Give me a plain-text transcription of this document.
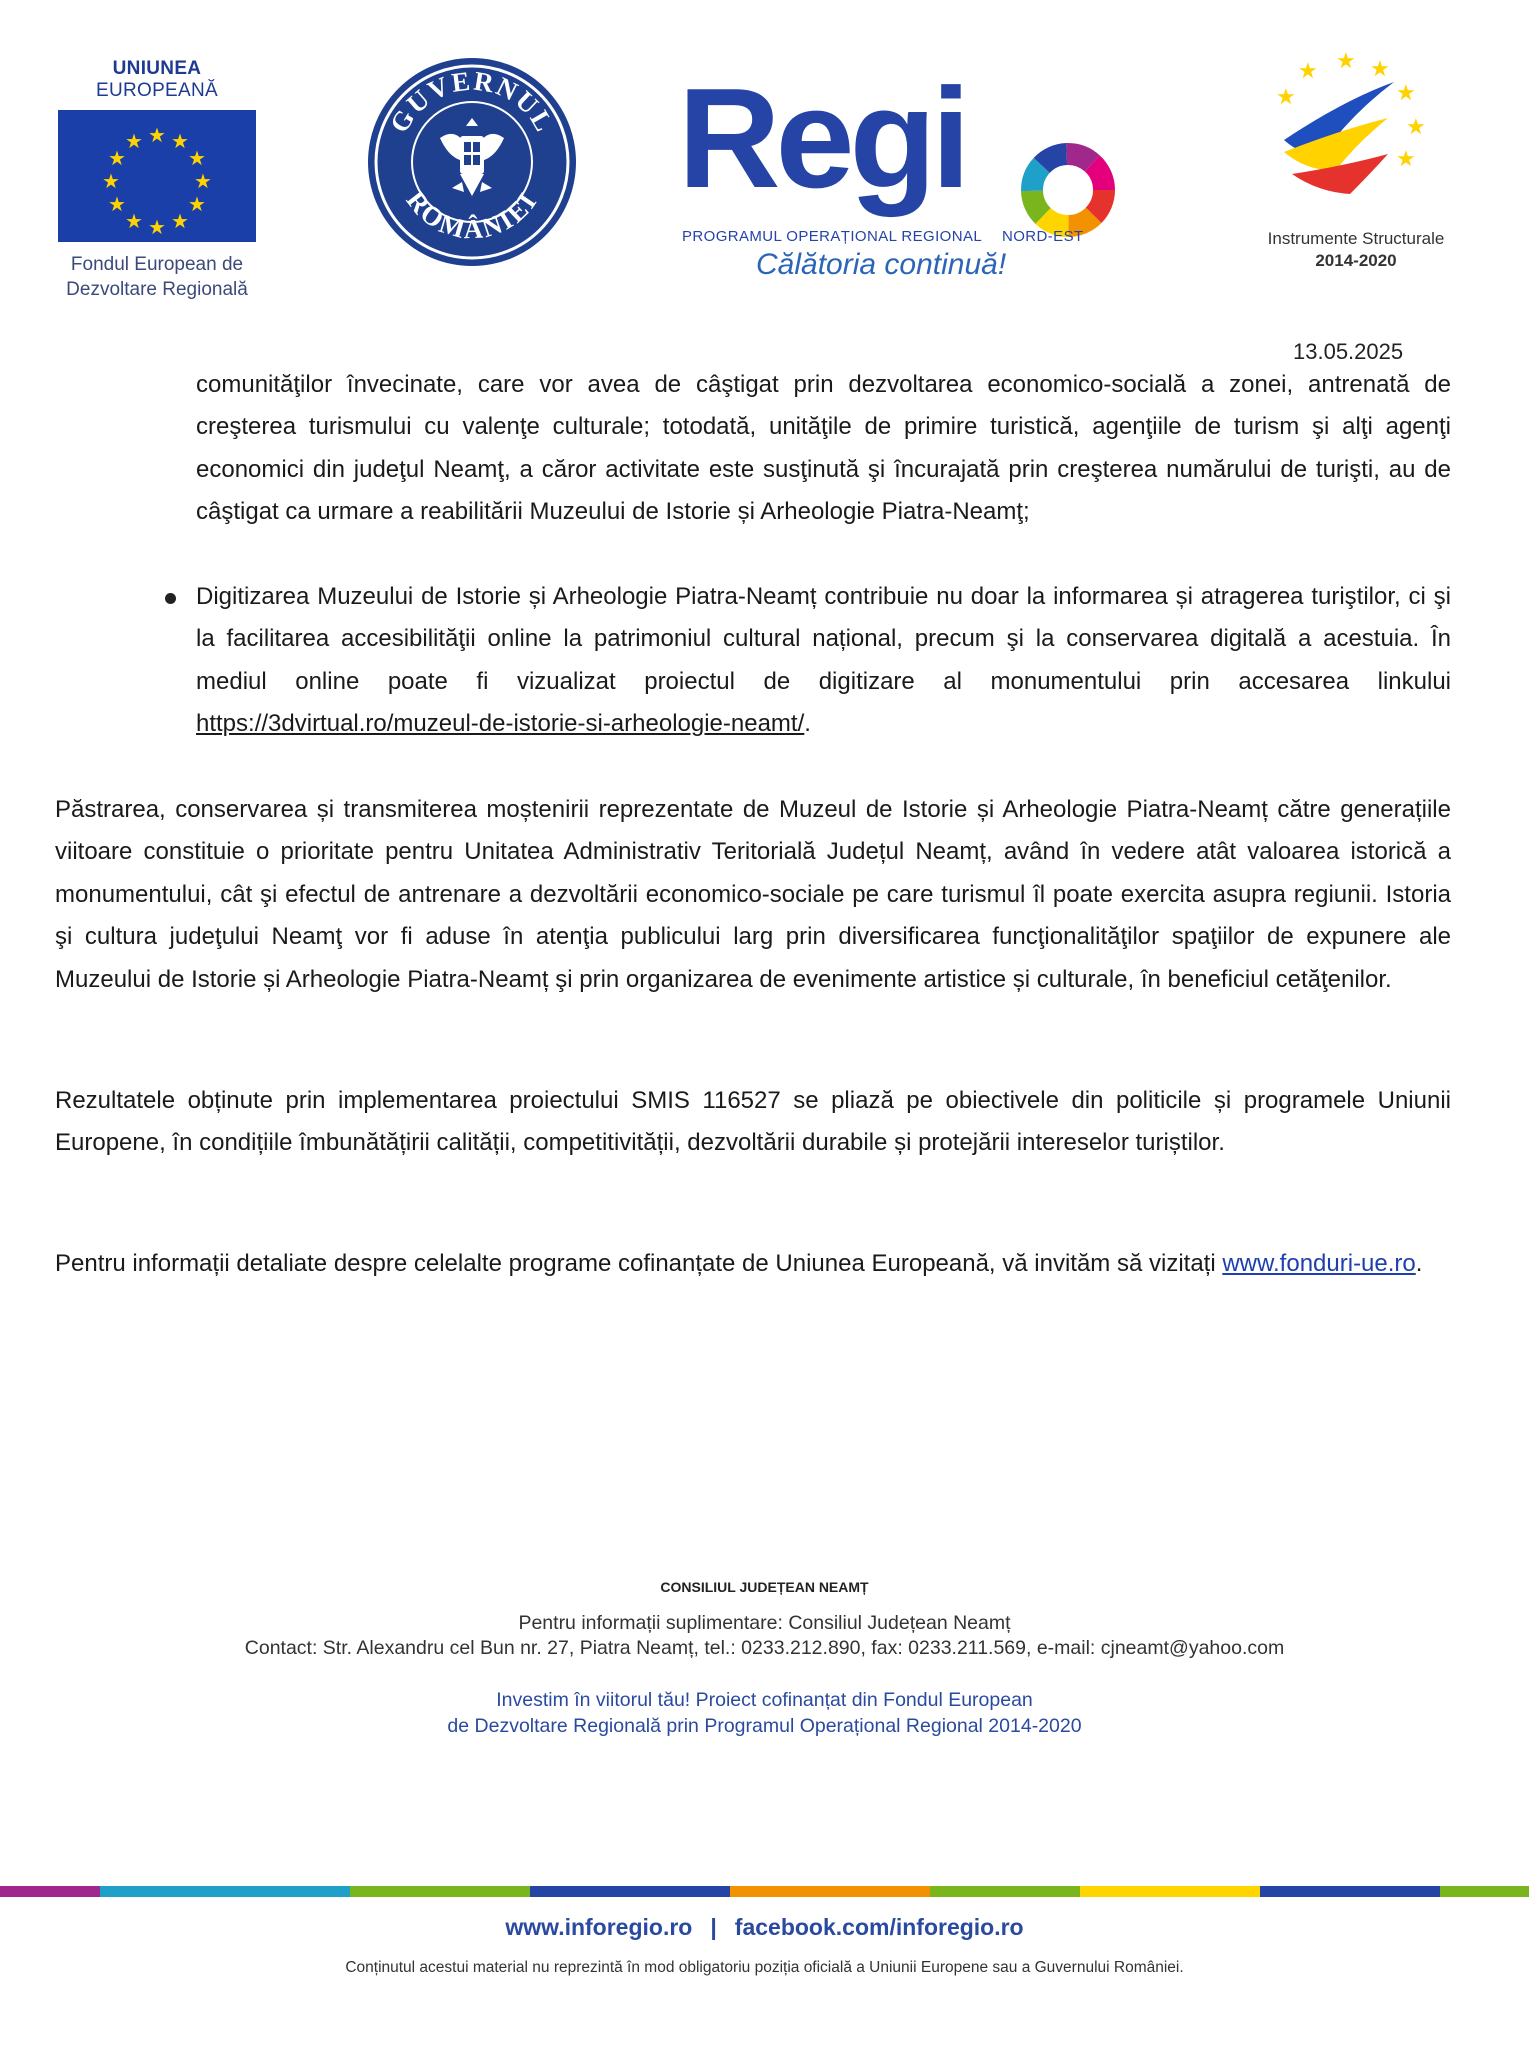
UNIUNEA EUROPEANĂ
★ ★
★
★
★
★
★
★
★
★
★
★
Fondul European de
Dezvoltare Regională
GUVERNUL
ROMÂNIEI Regi
PROGRAMUL OPERAȚIONAL REGIONAL NORD-EST
Călătoria continuă!
★ ★ ★
★
★
★
★
Instrumente Structurale
2014-2020
13.05.2025
comunităţilor învecinate, care vor avea de câştigat prin dezvoltarea economico-socială a zonei, antrenată de creşterea turismului cu valenţe culturale; totodată, unităţile de primire turistică, agenţiile de turism şi alţi agenţi economici din judeţul Neamţ, a căror activitate este susţinută şi încurajată prin creşterea numărului de turişti, au de câştigat ca urmare a reabilitării Muzeului de Istorie și Arheologie Piatra-Neamţ;
Digitizarea Muzeului de Istorie și Arheologie Piatra-Neamț contribuie nu doar la informarea și atragerea turiştilor, ci şi la facilitarea accesibilităţii online la patrimoniul cultural național, precum şi la conservarea digitală a acestuia. În mediul online poate fi vizualizat proiectul de digitizare al monumentului prin accesarea linkului https://3dvirtual.ro/muzeul-de-istorie-si-arheologie-neamt/.
Păstrarea, conservarea și transmiterea moștenirii reprezentate de Muzeul de Istorie și Arheologie Piatra-Neamț către generațiile viitoare constituie o prioritate pentru Unitatea Administrativ Teritorială Județul Neamț, având în vedere atât valoarea istorică a monumentului, cât şi efectul de antrenare a dezvoltării economico-sociale pe care turismul îl poate exercita asupra regiunii. Istoria şi cultura judeţului Neamţ vor fi aduse în atenţia publicului larg prin diversificarea funcţionalităţilor spaţiilor de expunere ale Muzeului de Istorie și Arheologie Piatra-Neamț şi prin organizarea de evenimente artistice și culturale, în beneficiul cetăţenilor.
Rezultatele obținute prin implementarea proiectului SMIS 116527 se pliază pe obiectivele din politicile și programele Uniunii Europene, în condițiile îmbunătățirii calității, competitivității, dezvoltării durabile și protejării intereselor turiștilor.
Pentru informații detaliate despre celelalte programe cofinanțate de Uniunea Europeană, vă invităm să vizitați www.fonduri-ue.ro.
CONSILIUL JUDEȚEAN NEAMȚ
Pentru informații suplimentare: Consiliul Județean Neamț
Contact: Str. Alexandru cel Bun nr. 27, Piatra Neamț, tel.: 0233.212.890, fax: 0233.211.569, e-mail: cjneamt@yahoo.com
Investim în viitorul tău! Proiect cofinanțat din Fondul European
de Dezvoltare Regională prin Programul Operațional Regional 2014-2020
www.inforegio.ro | facebook.com/inforegio.ro
Conținutul acestui material nu reprezintă în mod obligatoriu poziția oficială a Uniunii Europene sau a Guvernului României.
